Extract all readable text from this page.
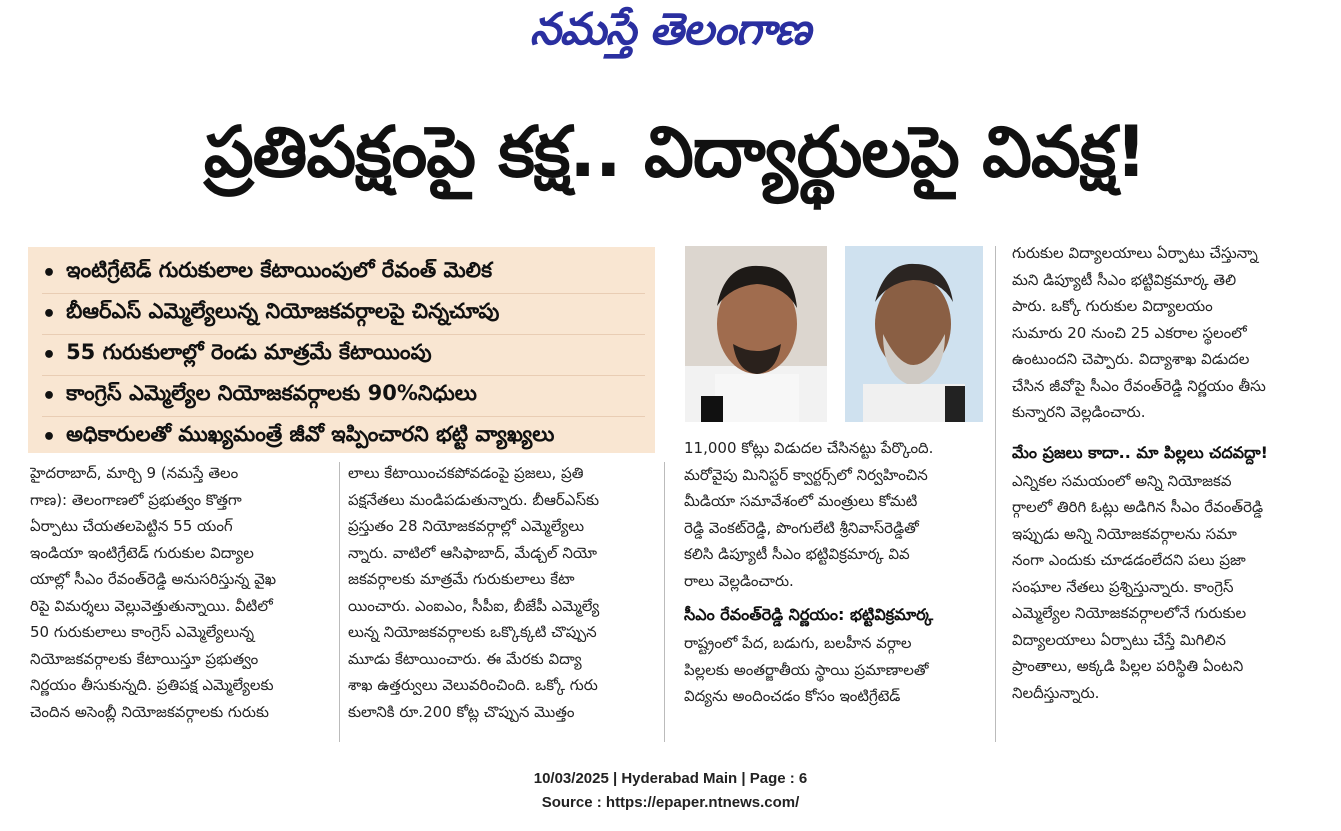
నమస్తే తెలంగాణ
ప్రతిపక్షంపై కక్ష.. విద్యార్థులపై వివక్ష!
• ఇంటిగ్రేటెడ్ గురుకులాల కేటాయింపులో రేవంత్ మెలిక
• బీఆర్ఎస్ ఎమ్మెల్యేలున్న నియోజకవర్గాలపై చిన్నచూపు
• 55 గురుకులాల్లో రెండు మాత్రమే కేటాయింపు
• కాంగ్రెస్ ఎమ్మెల్యేల నియోజకవర్గాలకు 90%నిధులు
• అధికారులతో ముఖ్యమంత్రే జీవో ఇప్పించారని భట్టి వ్యాఖ్యలు
హైదరాబాద్, మార్చి 9 (నమస్తే తెలం
గాణ): తెలంగాణలో ప్రభుత్వం కొత్తగా
ఏర్పాటు చేయతలపెట్టిన 55 యంగ్
ఇండియా ఇంటిగ్రేటెడ్ గురుకుల విద్యాల
యాల్లో సీఎం రేవంత్‌రెడ్డి అనుసరిస్తున్న వైఖ
రిపై విమర్శలు వెల్లువెత్తుతున్నాయి. వీటిలో
50 గురుకులాలు కాంగ్రెస్ ఎమ్మెల్యేలున్న
నియోజకవర్గాలకు కేటాయిస్తూ ప్రభుత్వం
నిర్ణయం తీసుకున్నది. ప్రతిపక్ష ఎమ్మెల్యేలకు
చెందిన అసెంబ్లీ నియోజకవర్గాలకు గురుకు
లాలు కేటాయించకపోవడంపై ప్రజలు, ప్రతి
పక్షనేతలు మండిపడుతున్నారు. బీఆర్ఎస్‌కు
ప్రస్తుతం 28 నియోజకవర్గాల్లో ఎమ్మెల్యేలు
న్నారు. వాటిలో ఆసిఫాబాద్, మేడ్చల్ నియో
జకవర్గాలకు మాత్రమే గురుకులాలు కేటా
యించారు. ఎంఐఎం, సీపీఐ, బీజేపీ ఎమ్మెల్యే
లున్న నియోజకవర్గాలకు ఒక్కొక్కటి చొప్పున
మూడు కేటాయించారు. ఈ మేరకు విద్యా
శాఖ ఉత్తర్వులు వెలువరించింది. ఒక్కో గురు
కులానికి రూ.200 కోట్ల చొప్పున మొత్తం
11,000 కోట్లు విడుదల చేసినట్టు పేర్కొంది.
మరోవైపు మినిస్టర్ క్వార్టర్స్‌లో నిర్వహించిన
మీడియా సమావేశంలో మంత్రులు కోమటి
రెడ్డి వెంకట్‌రెడ్డి, పొంగులేటి శ్రీనివాస్‌రెడ్డితో
కలిసి డిప్యూటీ సీఎం భట్టివిక్రమార్క వివ
రాలు వెల్లడించారు.
సీఎం రేవంత్‌రెడ్డి నిర్ణయం: భట్టివిక్రమార్క
రాష్ట్రంలో పేద, బడుగు, బలహీన వర్గాల
పిల్లలకు అంతర్జాతీయ స్థాయి ప్రమాణాలతో
విద్యను అందించడం కోసం ఇంటిగ్రేటెడ్
గురుకుల విద్యాలయాలు ఏర్పాటు చేస్తున్నా
మని డిప్యూటీ సీఎం భట్టివిక్రమార్క తెలి
పారు. ఒక్కో గురుకుల విద్యాలయం
సుమారు 20 నుంచి 25 ఎకరాల స్థలంలో
ఉంటుందని చెప్పారు. విద్యాశాఖ విడుదల
చేసిన జీవోపై సీఎం రేవంత్‌రెడ్డి నిర్ణయం తీసు
కున్నారని వెల్లడించారు.
మేం ప్రజలు కాదా.. మా పిల్లలు చదవద్దా!
ఎన్నికల సమయంలో అన్ని నియోజకవ
ర్గాలలో తిరిగి ఓట్లు అడిగిన సీఎం రేవంత్‌రెడ్డి
ఇప్పుడు అన్ని నియోజకవర్గాలను సమా
నంగా ఎందుకు చూడడంలేదని పలు ప్రజా
సంఘాల నేతలు ప్రశ్నిస్తున్నారు. కాంగ్రెస్
ఎమ్మెల్యేల నియోజకవర్గాలలోనే గురుకుల
విద్యాలయాలు ఏర్పాటు చేస్తే మిగిలిన
ప్రాంతాలు, అక్కడి పిల్లల పరిస్థితి ఏంటని
నిలదీస్తున్నారు.
10/03/2025 | Hyderabad Main | Page : 6
Source : https://epaper.ntnews.com/
